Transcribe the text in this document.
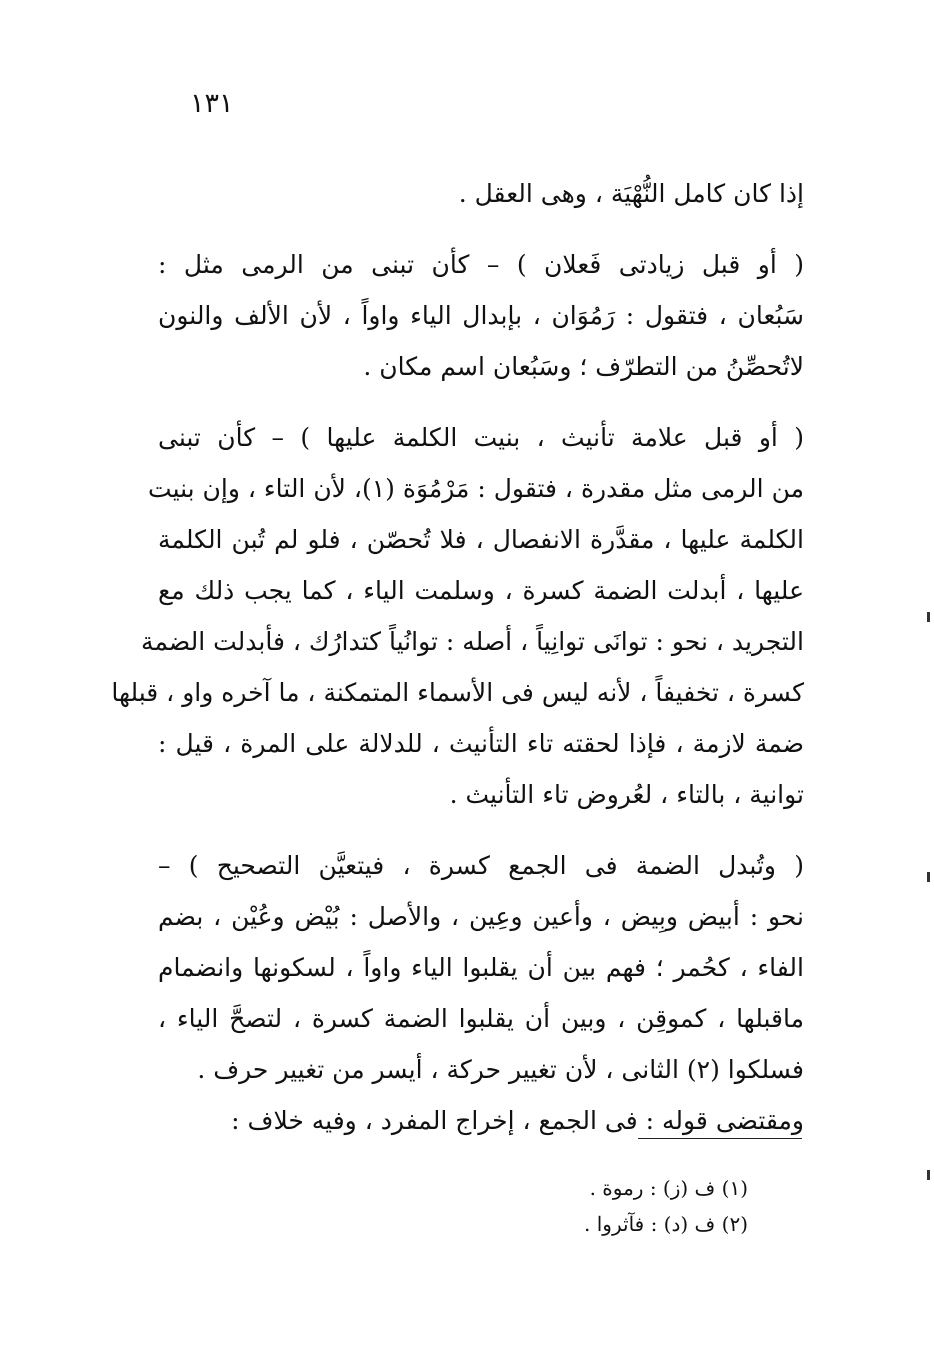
١٣١
إذا كان كامل النُّهْيَة ، وهى العقل .
( أو قبل زيادتى فَعلان ) – كأن تبنى من الرمى مثل :
سَبُعان ، فتقول : رَمُوَان ، بإبدال الياء واواً ، لأن الألف والنون
لاتُحصِّنُ من التطرّف ؛ وسَبُعان اسم مكان .
( أو قبل علامة تأنيث ، بنيت الكلمة عليها ) – كأن تبنى
من الرمى مثل مقدرة ، فتقول : مَرْمُوَة (١)، لأن التاء ، وإن بنيت
الكلمة عليها ، مقدَّرة الانفصال ، فلا تُحصّن ، فلو لم تُبن الكلمة
عليها ، أبدلت الضمة كسرة ، وسلمت الياء ، كما يجب ذلك مع
التجريد ، نحو : توانَى توانِياً ، أصله : توانُياً كتدارُك ، فأبدلت الضمة
كسرة ، تخفيفاً ، لأنه ليس فى الأسماء المتمكنة ، ما آخره واو ، قبلها
ضمة لازمة ، فإذا لحقته تاء التأنيث ، للدلالة على المرة ، قيل :
توانية ، بالتاء ، لعُروض تاء التأنيث .
( وتُبدل الضمة فى الجمع كسرة ، فيتعيَّن التصحيح ) –
نحو : أبيض وبِيض ، وأعين وعِين ، والأصل : بُيْض وعُيْن ، بضم
الفاء ، كحُمر ؛ فهم بين أن يقلبوا الياء واواً ، لسكونها وانضمام
ماقبلها ، كموقِن ، وبين أن يقلبوا الضمة كسرة ، لتصحَّ الياء ،
فسلكوا (٢) الثانى ، لأن تغيير حركة ، أيسر من تغيير حرف .
ومقتضى قوله : فى الجمع ، إخراج المفرد ، وفيه خلاف :
(١) ف (ز) : رموة .
(٢) ف (د) : فآثروا .
